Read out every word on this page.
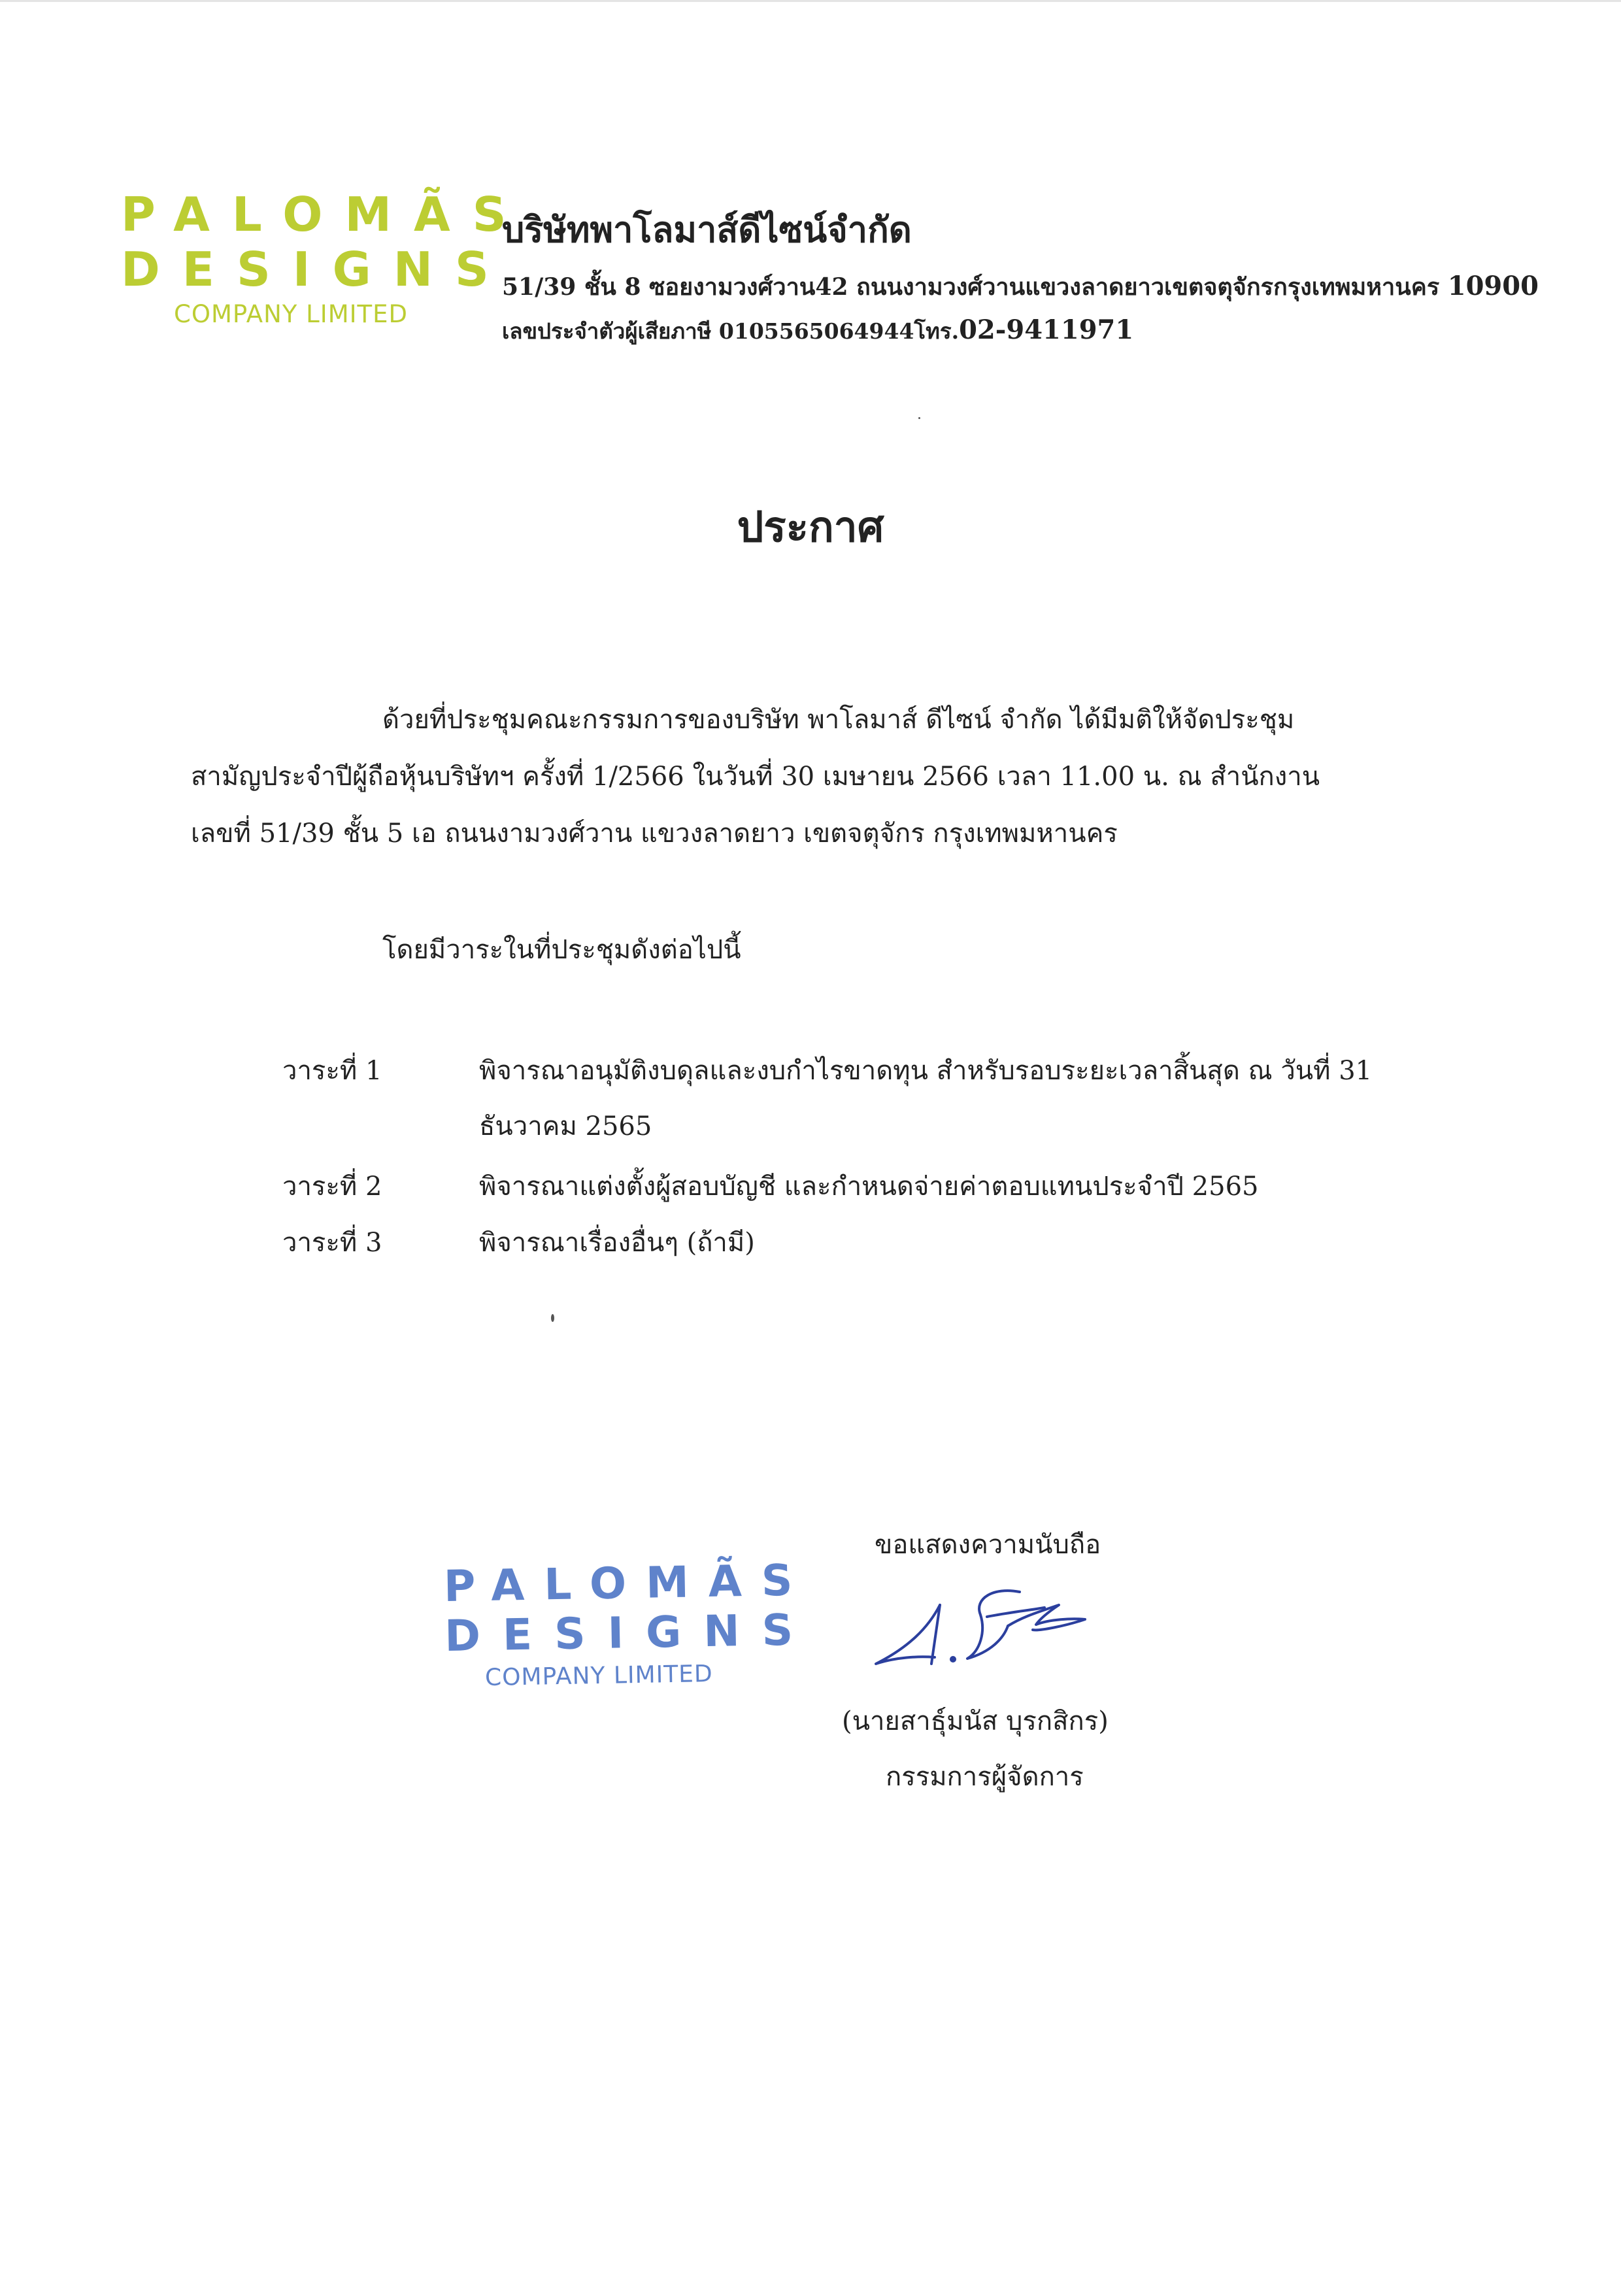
PALOMÃS
DESIGNS
COMPANY LIMITED
บริษัทพาโลมาส์ดีไซน์จำกัด
51/39 ชั้น 8 ซอยงามวงศ์วาน42 ถนนงามวงศ์วานแขวงลาดยาวเขตจตุจักรกรุงเทพมหานคร 10900
เลขประจำตัวผู้เสียภาษี 0105565064944โทร.02-9411971
ประกาศ
ด้วยที่ประชุมคณะกรรมการของบริษัท พาโลมาส์ ดีไซน์ จำกัด ได้มีมติให้จัดประชุม
สามัญประจำปีผู้ถือหุ้นบริษัทฯ ครั้งที่ 1/2566 ในวันที่ 30 เมษายน 2566 เวลา 11.00 น. ณ สำนักงาน
เลขที่ 51/39 ชั้น 5 เอ ถนนงามวงศ์วาน แขวงลาดยาว เขตจตุจักร กรุงเทพมหานคร
โดยมีวาระในที่ประชุมดังต่อไปนี้
วาระที่ 1	พิจารณาอนุมัติงบดุลและงบกำไรขาดทุน สำหรับรอบระยะเวลาสิ้นสุด ณ วันที่ 31
ธันวาคม 2565
วาระที่ 2	พิจารณาแต่งตั้งผู้สอบบัญชี และกำหนดจ่ายค่าตอบแทนประจำปี 2565
วาระที่ 3	พิจารณาเรื่องอื่นๆ (ถ้ามี)
ขอแสดงความนับถือ
(นายสาธุ์มนัส บุรกสิกร)
กรรมการผู้จัดการ
PALOMÃS
DESIGNS
COMPANY LIMITED
